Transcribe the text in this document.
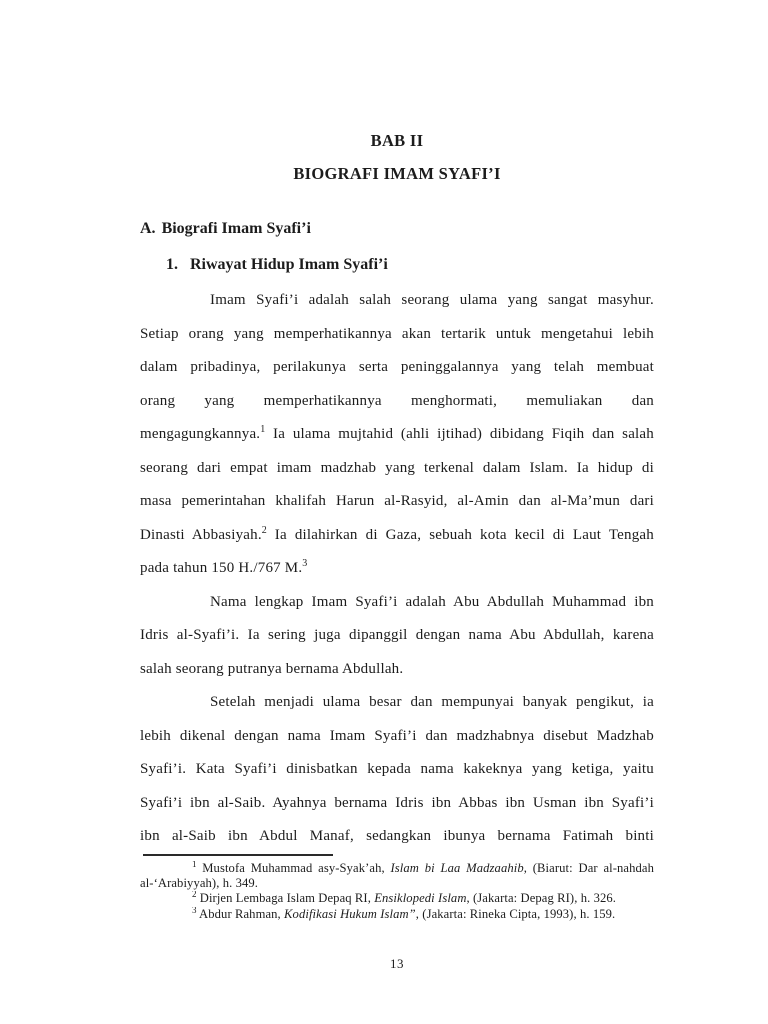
BAB II
BIOGRAFI IMAM SYAFI’I
A. Biografi Imam Syafi’i
1. Riwayat Hidup Imam Syafi’i
Imam Syafi’i adalah salah seorang ulama yang sangat masyhur.
Setiap orang yang memperhatikannya akan tertarik untuk mengetahui lebih
dalam pribadinya, perilakunya serta peninggalannya yang telah membuat
orang yang memperhatikannya menghormati, memuliakan dan
mengagungkannya.$^1$ Ia ulama mujtahid (ahli ijtihad) dibidang Fiqih dan salah
seorang dari empat imam madzhab yang terkenal dalam Islam. Ia hidup di
masa pemerintahan khalifah Harun al-Rasyid, al-Amin dan al-Ma’mun dari
Dinasti Abbasiyah.$^2$ Ia dilahirkan di Gaza, sebuah kota kecil di Laut Tengah
pada tahun 150 H./767 M.$^3$
Nama lengkap Imam Syafi’i adalah Abu Abdullah Muhammad ibn
Idris al-Syafi’i. Ia sering juga dipanggil dengan nama Abu Abdullah, karena
salah seorang putranya bernama Abdullah.
Setelah menjadi ulama besar dan mempunyai banyak pengikut, ia
lebih dikenal dengan nama Imam Syafi’i dan madzhabnya disebut Madzhab
Syafi’i. Kata Syafi’i dinisbatkan kepada nama kakeknya yang ketiga, yaitu
Syafi’i ibn al-Saib. Ayahnya bernama Idris ibn Abbas ibn Usman ibn Syafi’i
ibn al-Saib ibn Abdul Manaf, sedangkan ibunya bernama Fatimah binti
$^1$ Mustofa Muhammad asy-Syak’ah, Islam bi Laa Madzaahib, (Biarut: Dar al-nahdah
al-‘Arabiyyah), h. 349.
$^2$ Dirjen Lembaga Islam Depaq RI, Ensiklopedi Islam, (Jakarta: Depag RI), h. 326.
$^3$ Abdur Rahman, Kodifikasi Hukum Islam”, (Jakarta: Rineka Cipta, 1993), h. 159.
13
